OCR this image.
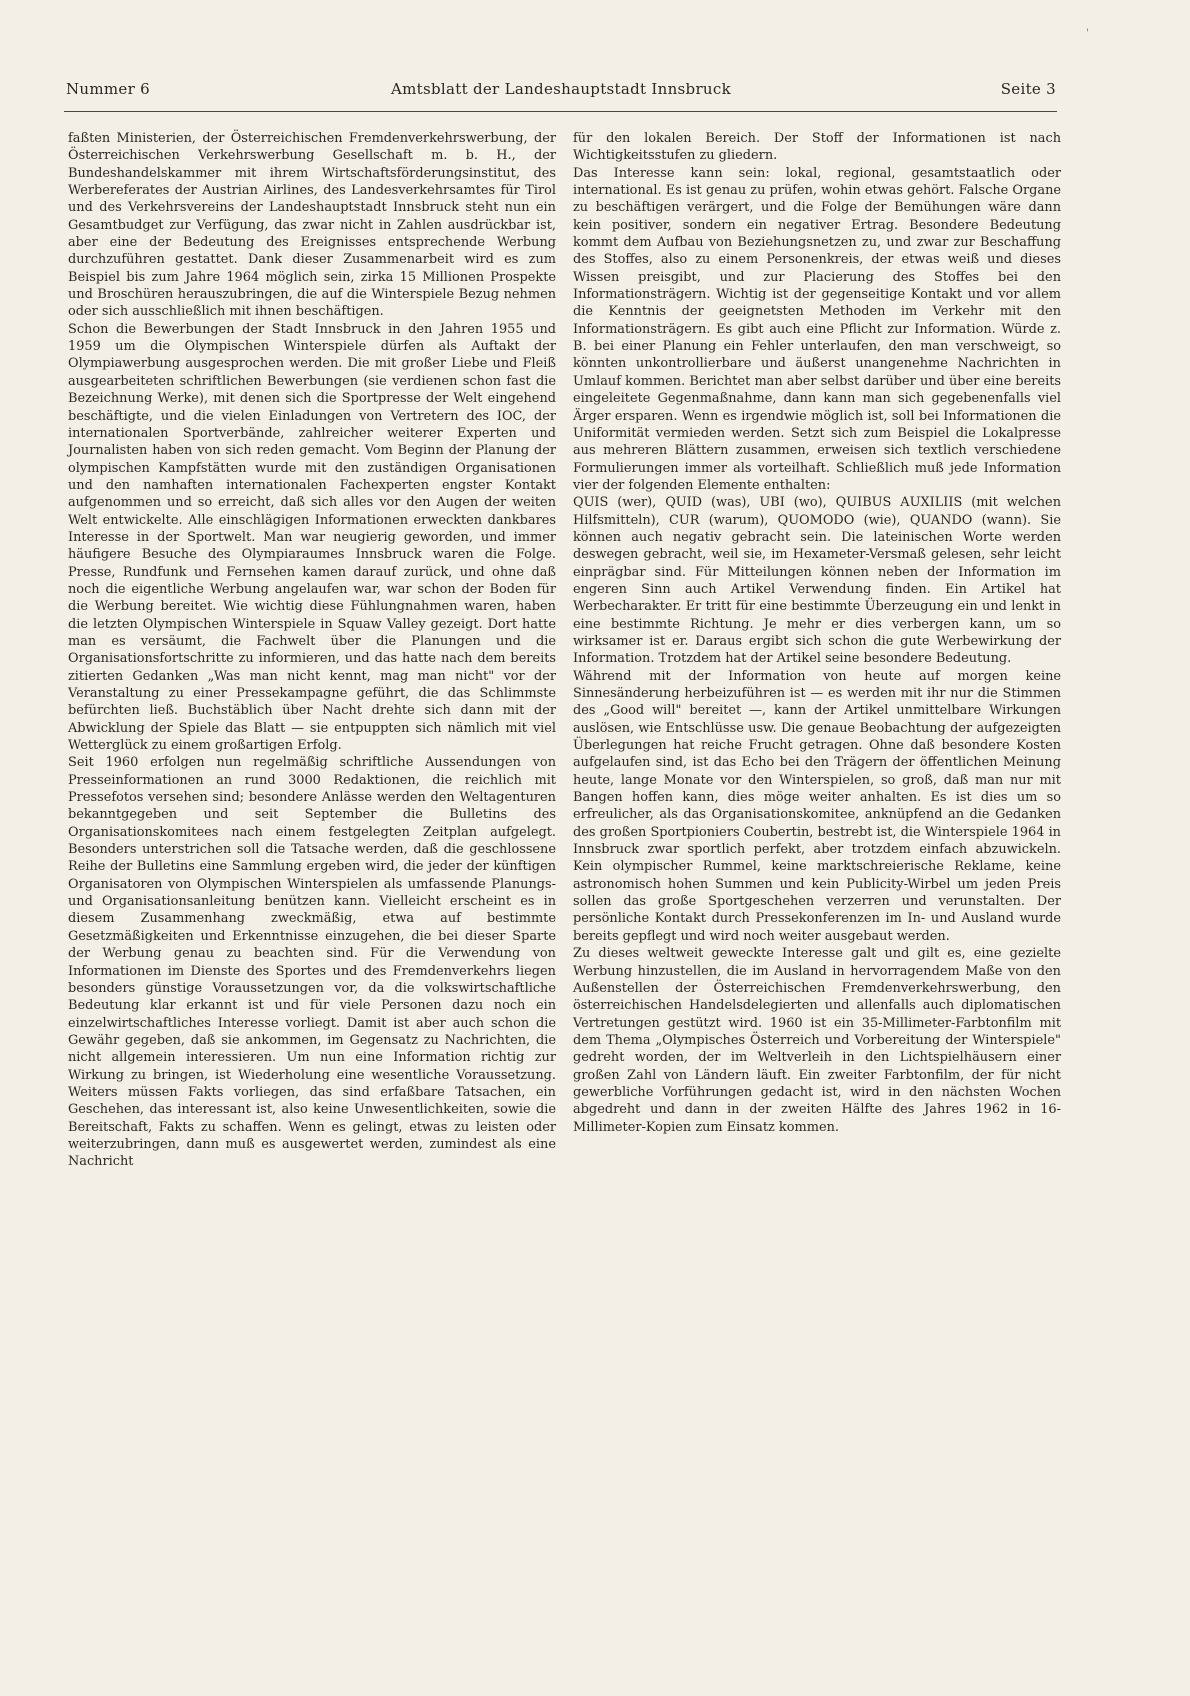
'
Nummer 6	Amtsblatt der Landeshauptstadt Innsbruck	Seite 3

faßten Ministerien, der Österreichischen Fremdenverkehrswerbung, der Österreichischen Verkehrswerbung Gesellschaft m. b. H., der Bundeshandelskammer mit ihrem Wirtschaftsförderungsinstitut, des Werbereferates der Austrian Airlines, des Landesverkehrsamtes für Tirol und des Verkehrsvereins der Landeshauptstadt Innsbruck steht nun ein Gesamtbudget zur Verfügung, das zwar nicht in Zahlen ausdrückbar ist, aber eine der Bedeutung des Ereignisses entsprechende Werbung durchzuführen gestattet. Dank dieser Zusammenarbeit wird es zum Beispiel bis zum Jahre 1964 möglich sein, zirka 15 Millionen Prospekte und Broschüren herauszubringen, die auf die Winterspiele Bezug nehmen oder sich ausschließlich mit ihnen beschäftigen.

Schon die Bewerbungen der Stadt Innsbruck in den Jahren 1955 und 1959 um die Olympischen Winterspiele dürfen als Auftakt der Olympiawerbung ausgesprochen werden. Die mit großer Liebe und Fleiß ausgearbeiteten schriftlichen Bewerbungen (sie verdienen schon fast die Bezeichnung Werke), mit denen sich die Sportpresse der Welt eingehend beschäftigte, und die vielen Einladungen von Vertretern des IOC, der internationalen Sportverbände, zahlreicher weiterer Experten und Journalisten haben von sich reden gemacht. Vom Beginn der Planung der olympischen Kampfstätten wurde mit den zuständigen Organisationen und den namhaften internationalen Fachexperten engster Kontakt aufgenommen und so erreicht, daß sich alles vor den Augen der weiten Welt entwickelte. Alle einschlägigen Informationen erweckten dankbares Interesse in der Sportwelt. Man war neugierig geworden, und immer häufigere Besuche des Olympiaraumes Innsbruck waren die Folge. Presse, Rundfunk und Fernsehen kamen darauf zurück, und ohne daß noch die eigentliche Werbung angelaufen war, war schon der Boden für die Werbung bereitet. Wie wichtig diese Fühlungnahmen waren, haben die letzten Olympischen Winterspiele in Squaw Valley gezeigt. Dort hatte man es versäumt, die Fachwelt über die Planungen und die Organisationsfortschritte zu informieren, und das hatte nach dem bereits zitierten Gedanken „Was man nicht kennt, mag man nicht" vor der Veranstaltung zu einer Pressekampagne geführt, die das Schlimmste befürchten ließ. Buchstäblich über Nacht drehte sich dann mit der Abwicklung der Spiele das Blatt — sie entpuppten sich nämlich mit viel Wetterglück zu einem großartigen Erfolg.

Seit 1960 erfolgen nun regelmäßig schriftliche Aussendungen von Presseinformationen an rund 3000 Redaktionen, die reichlich mit Pressefotos versehen sind; besondere Anlässe werden den Weltagenturen bekanntgegeben und seit September die Bulletins des Organisationskomitees nach einem festgelegten Zeitplan aufgelegt. Besonders unterstrichen soll die Tatsache werden, daß die geschlossene Reihe der Bulletins eine Sammlung ergeben wird, die jeder der künftigen Organisatoren von Olympischen Winterspielen als umfassende Planungs- und Organisationsanleitung benützen kann. Vielleicht erscheint es in diesem Zusammenhang zweckmäßig, etwa auf bestimmte Gesetzmäßigkeiten und Erkenntnisse einzugehen, die bei dieser Sparte der Werbung genau zu beachten sind. Für die Verwendung von Informationen im Dienste des Sportes und des Fremdenverkehrs liegen besonders günstige Voraussetzungen vor, da die volkswirtschaftliche Bedeutung klar erkannt ist und für viele Personen dazu noch ein einzelwirtschaftliches Interesse vorliegt. Damit ist aber auch schon die Gewähr gegeben, daß sie ankommen, im Gegensatz zu Nachrichten, die nicht allgemein interessieren. Um nun eine Information richtig zur Wirkung zu bringen, ist Wiederholung eine wesentliche Voraussetzung. Weiters müssen Fakts vorliegen, das sind erfaßbare Tatsachen, ein Geschehen, das interessant ist, also keine Unwesentlichkeiten, sowie die Bereitschaft, Fakts zu schaffen. Wenn es gelingt, etwas zu leisten oder weiterzubringen, dann muß es ausgewertet werden, zumindest als eine Nachricht

für den lokalen Bereich. Der Stoff der Informationen ist nach Wichtigkeitsstufen zu gliedern.

Das Interesse kann sein: lokal, regional, gesamtstaatlich oder international. Es ist genau zu prüfen, wohin etwas gehört. Falsche Organe zu beschäftigen verärgert, und die Folge der Bemühungen wäre dann kein positiver, sondern ein negativer Ertrag. Besondere Bedeutung kommt dem Aufbau von Beziehungsnetzen zu, und zwar zur Beschaffung des Stoffes, also zu einem Personenkreis, der etwas weiß und dieses Wissen preisgibt, und zur Placierung des Stoffes bei den Informationsträgern. Wichtig ist der gegenseitige Kontakt und vor allem die Kenntnis der geeignetsten Methoden im Verkehr mit den Informationsträgern. Es gibt auch eine Pflicht zur Information. Würde z. B. bei einer Planung ein Fehler unterlaufen, den man verschweigt, so könnten unkontrollierbare und äußerst unangenehme Nachrichten in Umlauf kommen. Berichtet man aber selbst darüber und über eine bereits eingeleitete Gegenmaßnahme, dann kann man sich gegebenenfalls viel Ärger ersparen. Wenn es irgendwie möglich ist, soll bei Informationen die Uniformität vermieden werden. Setzt sich zum Beispiel die Lokalpresse aus mehreren Blättern zusammen, erweisen sich textlich verschiedene Formulierungen immer als vorteilhaft. Schließlich muß jede Information vier der folgenden Elemente enthalten:

QUIS (wer), QUID (was), UBI (wo), QUIBUS AUXILIIS (mit welchen Hilfsmitteln), CUR (warum), QUOMODO (wie), QUANDO (wann). Sie können auch negativ gebracht sein. Die lateinischen Worte werden deswegen gebracht, weil sie, im Hexameter-Versmaß gelesen, sehr leicht einprägbar sind. Für Mitteilungen können neben der Information im engeren Sinn auch Artikel Verwendung finden. Ein Artikel hat Werbecharakter. Er tritt für eine bestimmte Überzeugung ein und lenkt in eine bestimmte Richtung. Je mehr er dies verbergen kann, um so wirksamer ist er. Daraus ergibt sich schon die gute Werbewirkung der Information. Trotzdem hat der Artikel seine besondere Bedeutung.

Während mit der Information von heute auf morgen keine Sinnesänderung herbeizuführen ist — es werden mit ihr nur die Stimmen des „Good will" bereitet —, kann der Artikel unmittelbare Wirkungen auslösen, wie Entschlüsse usw. Die genaue Beobachtung der aufgezeigten Überlegungen hat reiche Frucht getragen. Ohne daß besondere Kosten aufgelaufen sind, ist das Echo bei den Trägern der öffentlichen Meinung heute, lange Monate vor den Winterspielen, so groß, daß man nur mit Bangen hoffen kann, dies möge weiter anhalten. Es ist dies um so erfreulicher, als das Organisationskomitee, anknüpfend an die Gedanken des großen Sportpioniers Coubertin, bestrebt ist, die Winterspiele 1964 in Innsbruck zwar sportlich perfekt, aber trotzdem einfach abzuwickeln. Kein olympischer Rummel, keine marktschreierische Reklame, keine astronomisch hohen Summen und kein Publicity-Wirbel um jeden Preis sollen das große Sportgeschehen verzerren und verunstalten. Der persönliche Kontakt durch Pressekonferenzen im In- und Ausland wurde bereits gepflegt und wird noch weiter ausgebaut werden.

Zu dieses weltweit geweckte Interesse galt und gilt es, eine gezielte Werbung hinzustellen, die im Ausland in hervorragendem Maße von den Außenstellen der Österreichischen Fremdenverkehrswerbung, den österreichischen Handelsdelegierten und allenfalls auch diplomatischen Vertretungen gestützt wird. 1960 ist ein 35-Millimeter-Farbtonfilm mit dem Thema „Olympisches Österreich und Vorbereitung der Winterspiele" gedreht worden, der im Weltverleih in den Lichtspielhäusern einer großen Zahl von Ländern läuft. Ein zweiter Farbtonfilm, der für nicht gewerbliche Vorführungen gedacht ist, wird in den nächsten Wochen abgedreht und dann in der zweiten Hälfte des Jahres 1962 in 16-Millimeter-Kopien zum Einsatz kommen.
